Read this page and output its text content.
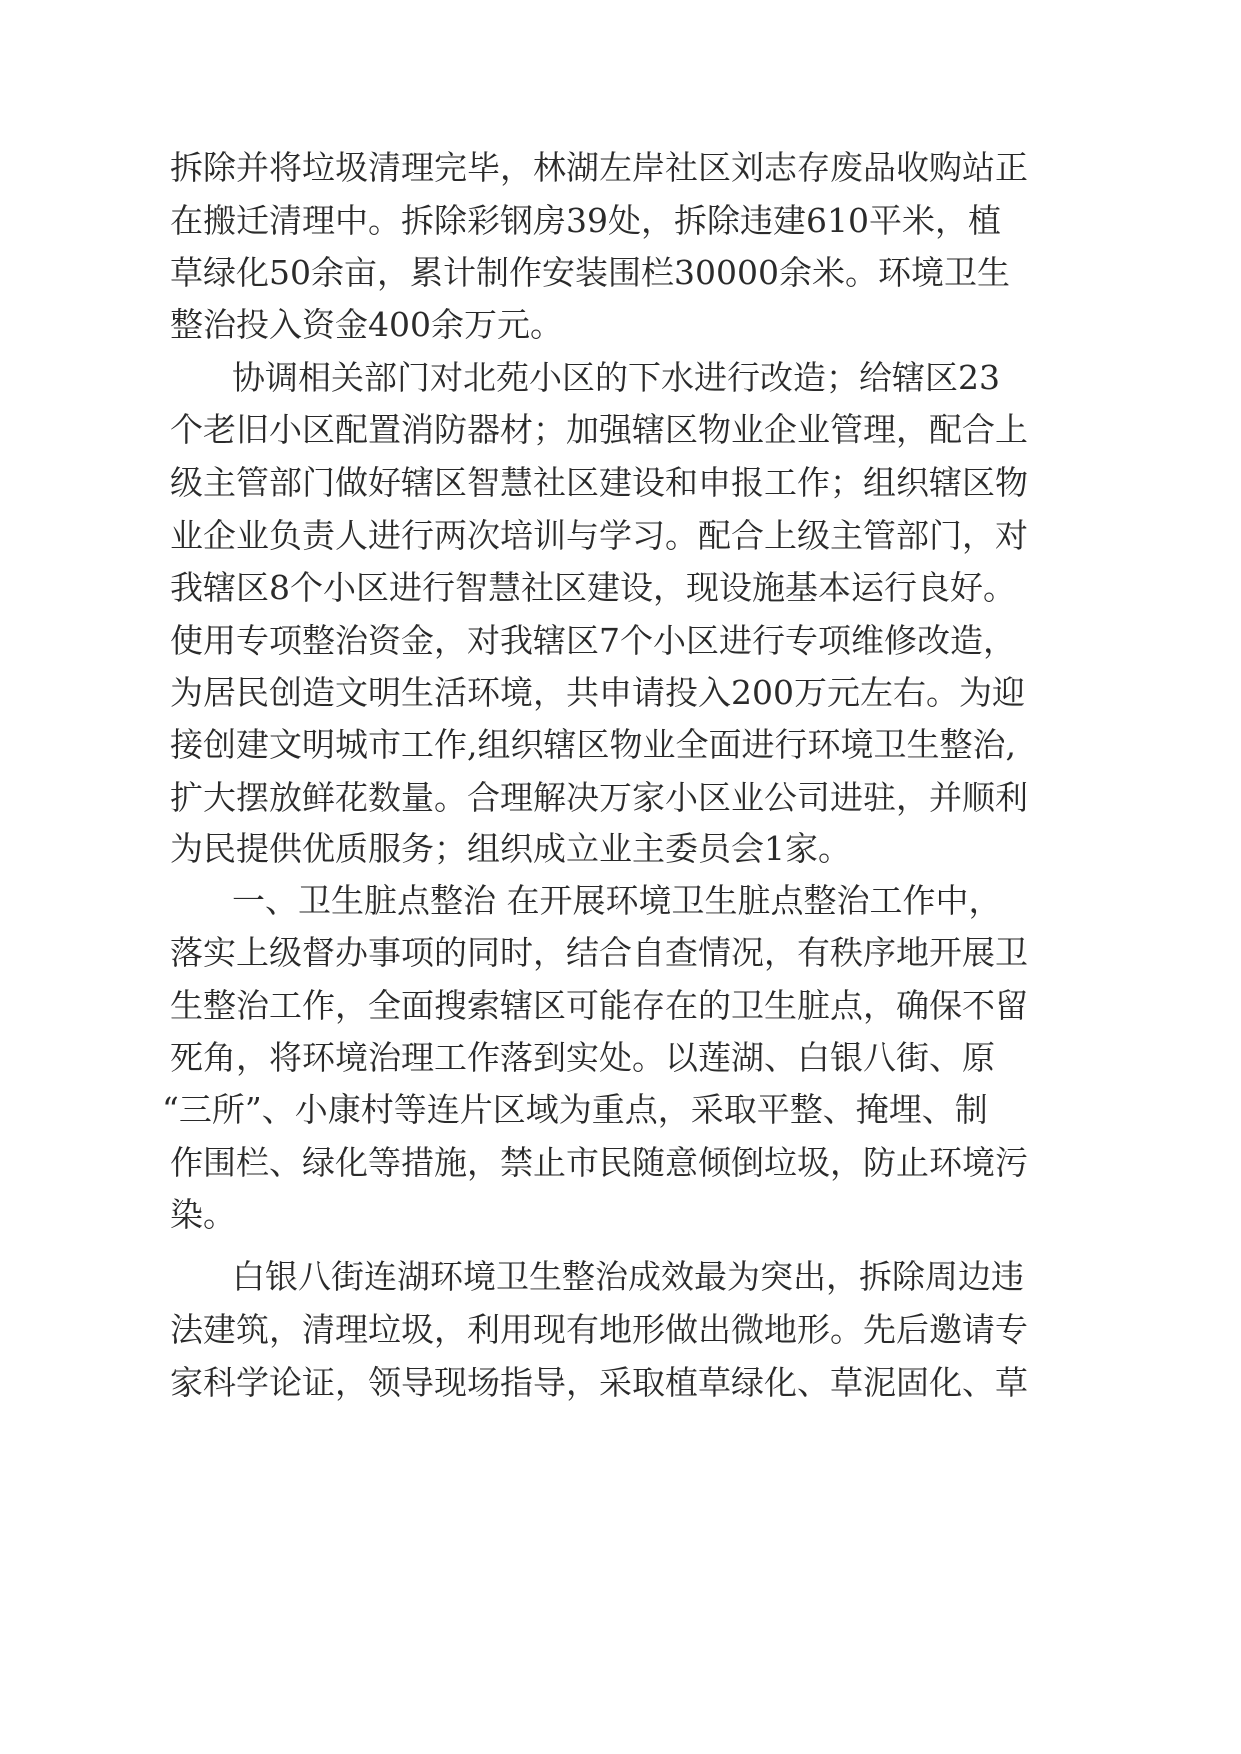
拆除并将垃圾清理完毕，林湖左岸社区刘志存废品收购站正

在搬迁清理中。拆除彩钢房39处，拆除违建610平米，植

草绿化50余亩，累计制作安装围栏30000余米。环境卫生

整治投入资金400余万元。

协调相关部门对北苑小区的下水进行改造；给辖区23

个老旧小区配置消防器材；加强辖区物业企业管理，配合上

级主管部门做好辖区智慧社区建设和申报工作；组织辖区物

业企业负责人进行两次培训与学习。配合上级主管部门，对

我辖区8个小区进行智慧社区建设，现设施基本运行良好。

使用专项整治资金，对我辖区7个小区进行专项维修改造，

为居民创造文明生活环境，共申请投入200万元左右。为迎

接创建文明城市工作,组织辖区物业全面进行环境卫生整治,

扩大摆放鲜花数量。合理解决万家小区业公司进驻，并顺利

为民提供优质服务；组织成立业主委员会1家。

一、卫生脏点整治 在开展环境卫生脏点整治工作中，

落实上级督办事项的同时，结合自查情况，有秩序地开展卫

生整治工作，全面搜索辖区可能存在的卫生脏点，确保不留

死角，将环境治理工作落到实处。以莲湖、白银八街、原

“三所”、小康村等连片区域为重点，采取平整、掩埋、制

作围栏、绿化等措施，禁止市民随意倾倒垃圾，防止环境污

染。

白银八街连湖环境卫生整治成效最为突出，拆除周边违

法建筑，清理垃圾，利用现有地形做出微地形。先后邀请专

家科学论证，领导现场指导，采取植草绿化、草泥固化、草
